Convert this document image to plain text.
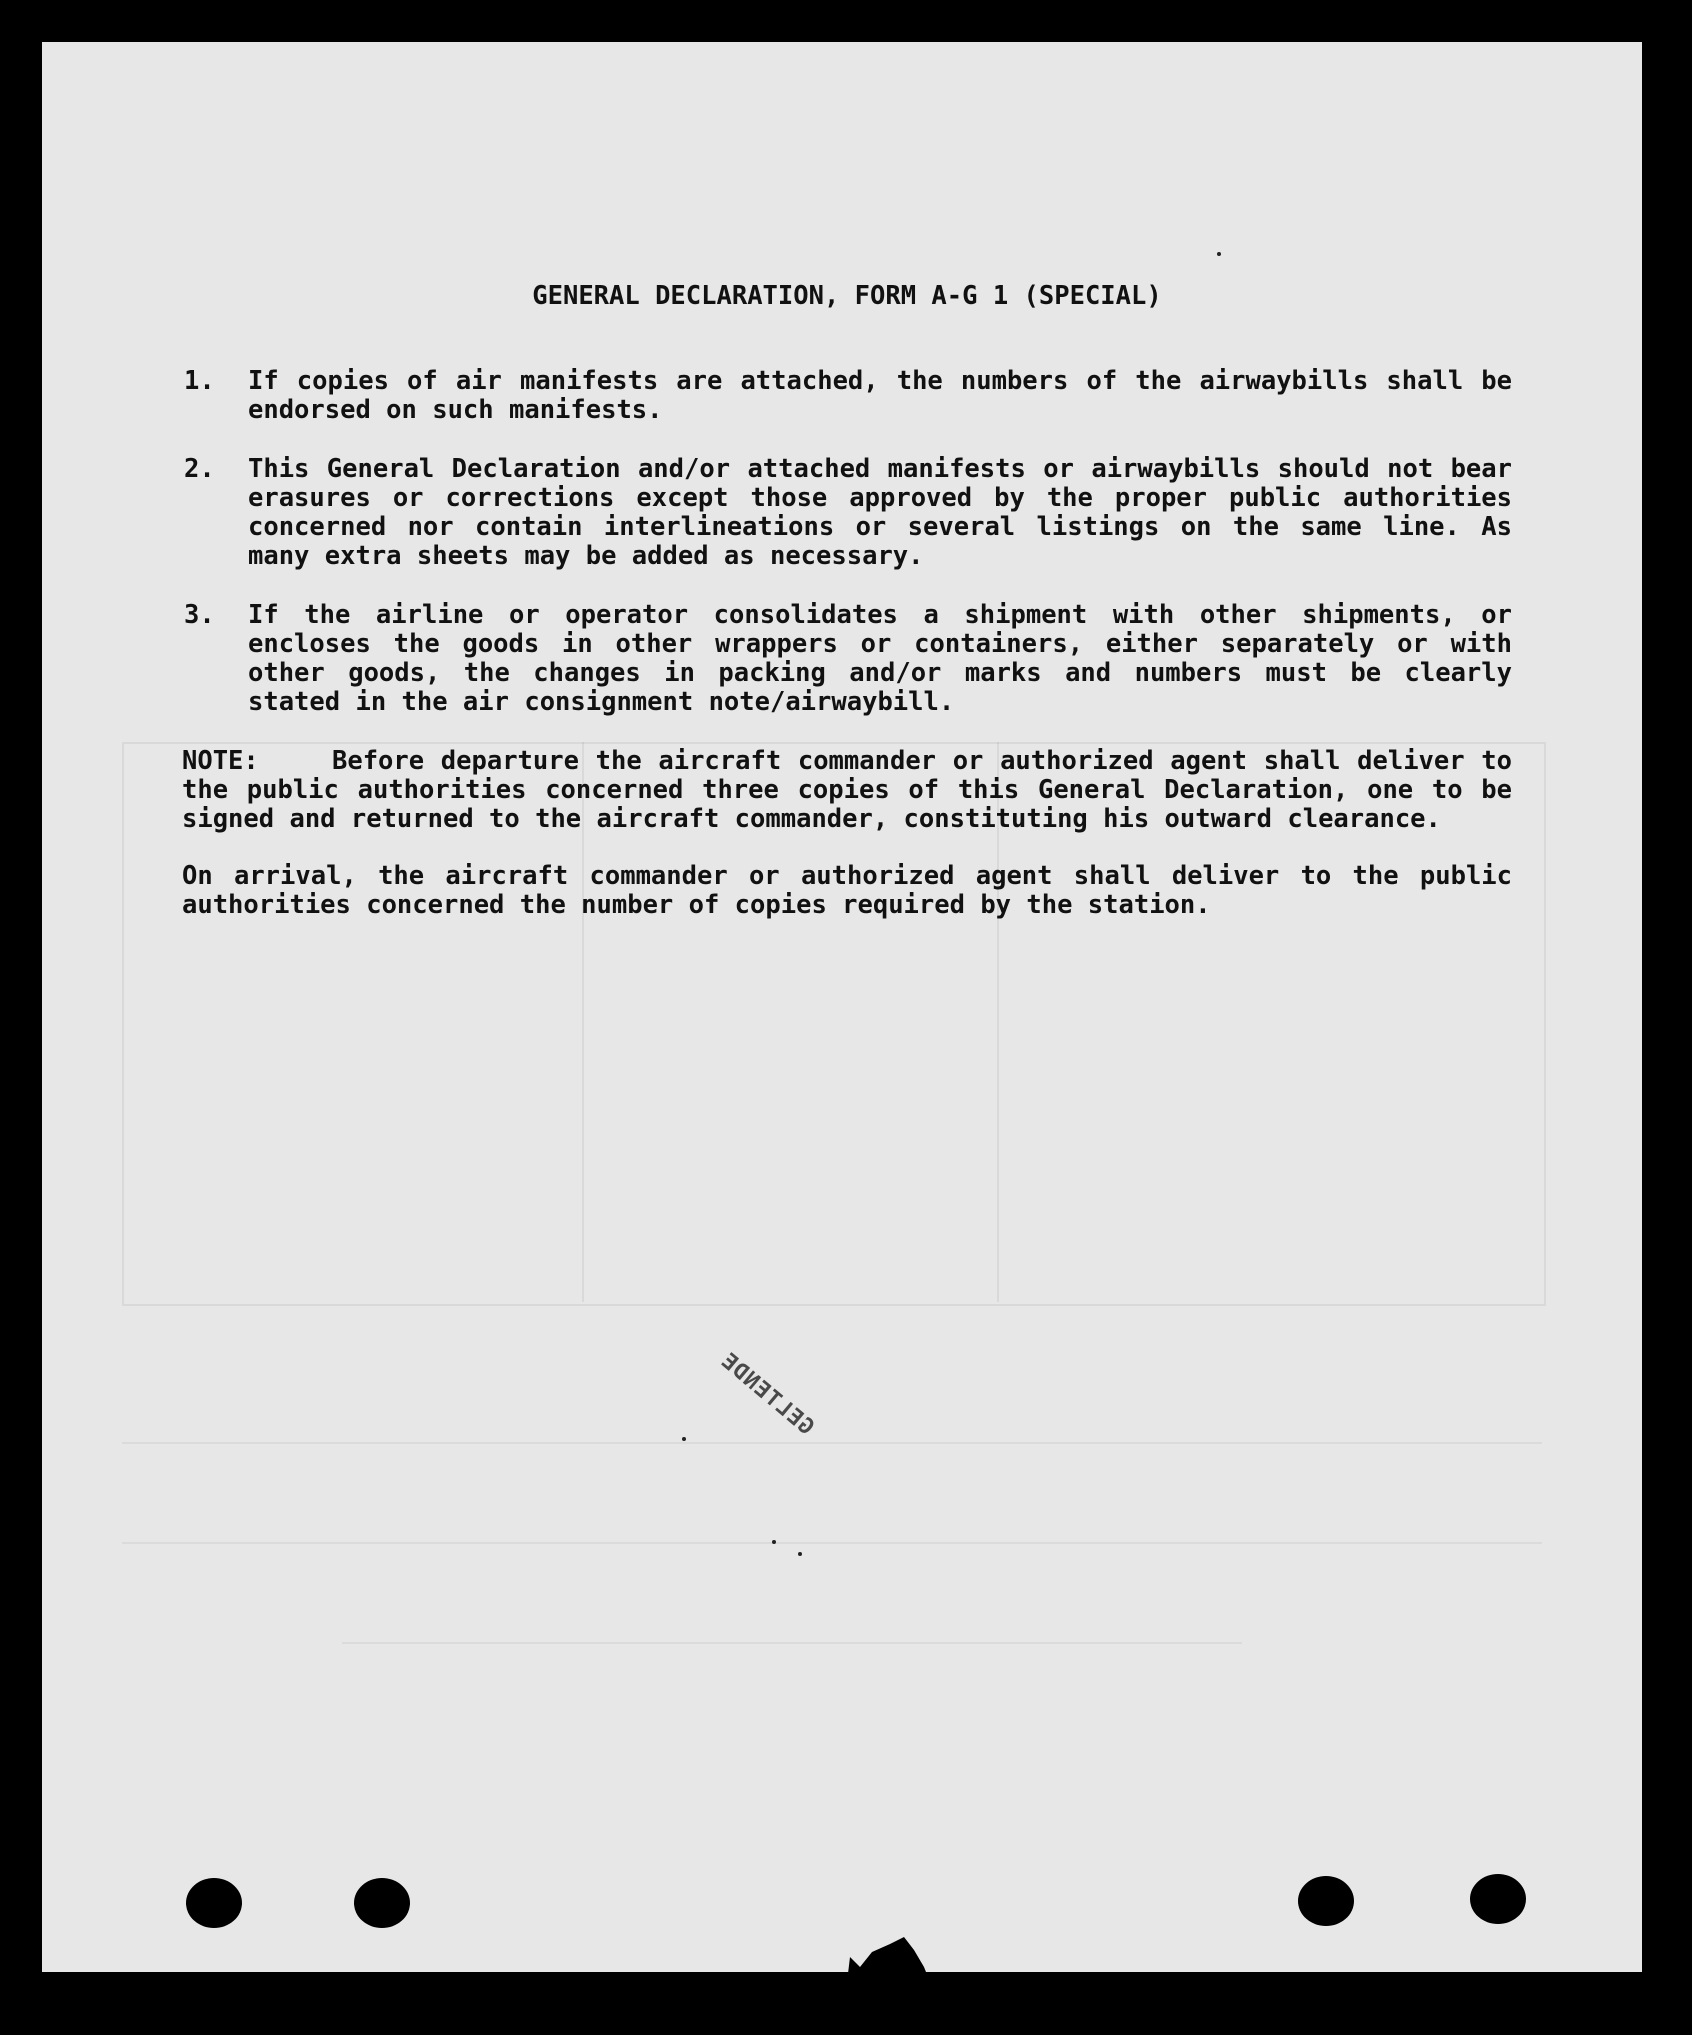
GENERAL DECLARATION, FORM A-G 1 (SPECIAL)
1.	If copies of air manifests are attached, the numbers of the airwaybills shall be endorsed on such manifests.
2.	This General Declaration and/or attached manifests or airwaybills should not bear erasures or corrections except those approved by the proper public authorities concerned nor contain interlineations or several listings on the same line. As many extra sheets may be added as necessary.
3.	If the airline or operator consolidates a shipment with other shipments, or encloses the goods in other wrappers or containers, either separately or with other goods, the changes in packing and/or marks and numbers must be clearly stated in the air consignment note/airwaybill.
NOTE:	Before departure the aircraft commander or authorized agent shall deliver to the public authorities concerned three copies of this General Declaration, one to be signed and returned to the aircraft commander, constituting his outward clearance.
On arrival, the aircraft commander or authorized agent shall deliver to the public authorities concerned the number of copies required by the station.
GELTENDE
